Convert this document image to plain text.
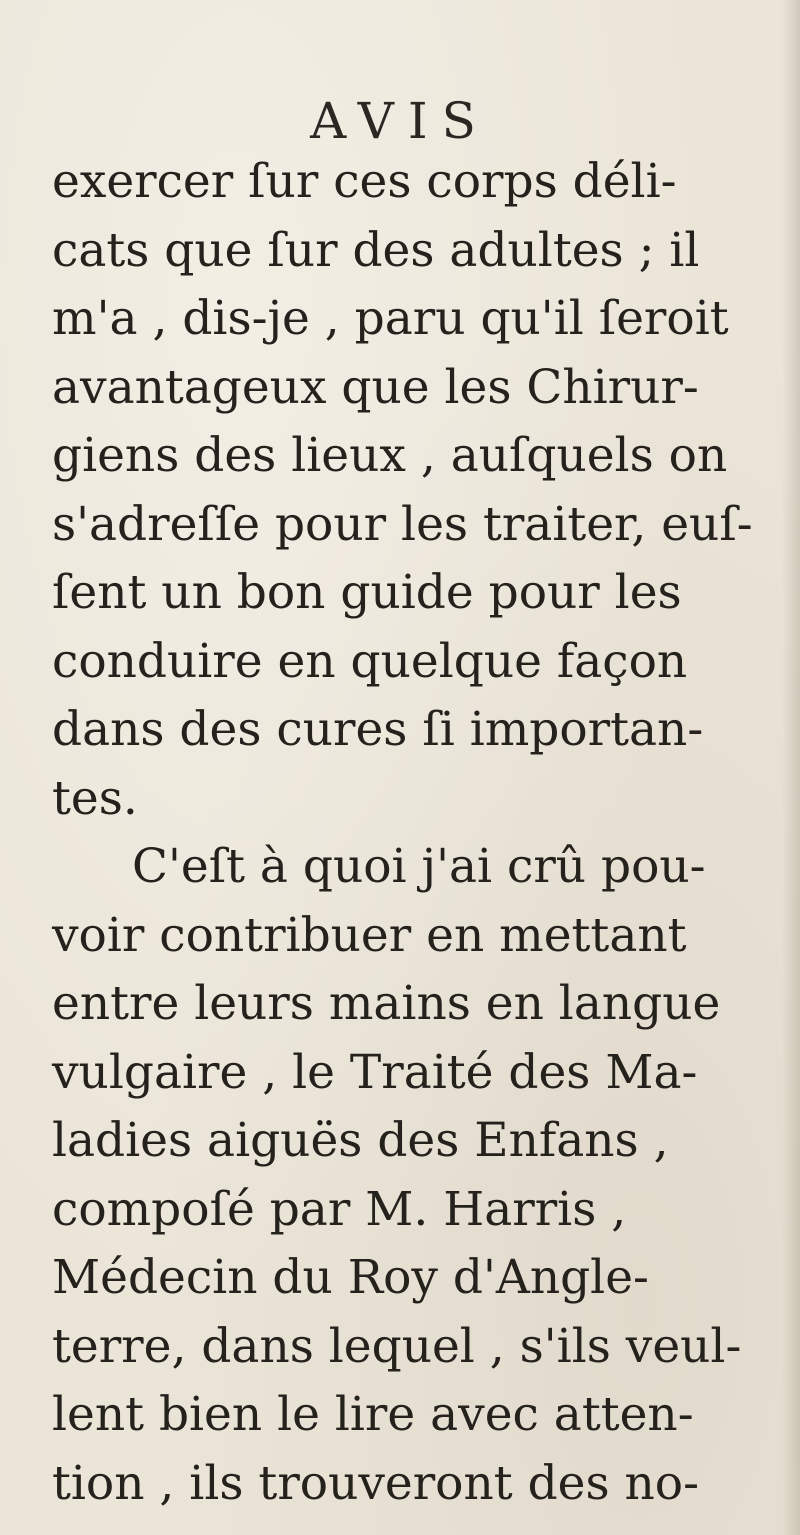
AVIS
exercer ſur ces corps déli-
cats que ſur des adultes ; il
m'a , dis-je , paru qu'il ſeroit
avantageux que les Chirur-
giens des lieux , auſquels on
s'adreſſe pour les traiter, euſ-
ſent un bon guide pour les
conduire en quelque façon
dans des cures ſi importan-
tes.
C'eſt à quoi j'ai crû pou-
voir contribuer en mettant
entre leurs mains en langue
vulgaire , le Traité des Ma-
ladies aiguës des Enfans ,
compoſé par M. Harris ,
Médecin du Roy d'Angle-
terre, dans lequel , s'ils veul-
lent bien le lire avec atten-
tion , ils trouveront des no-
